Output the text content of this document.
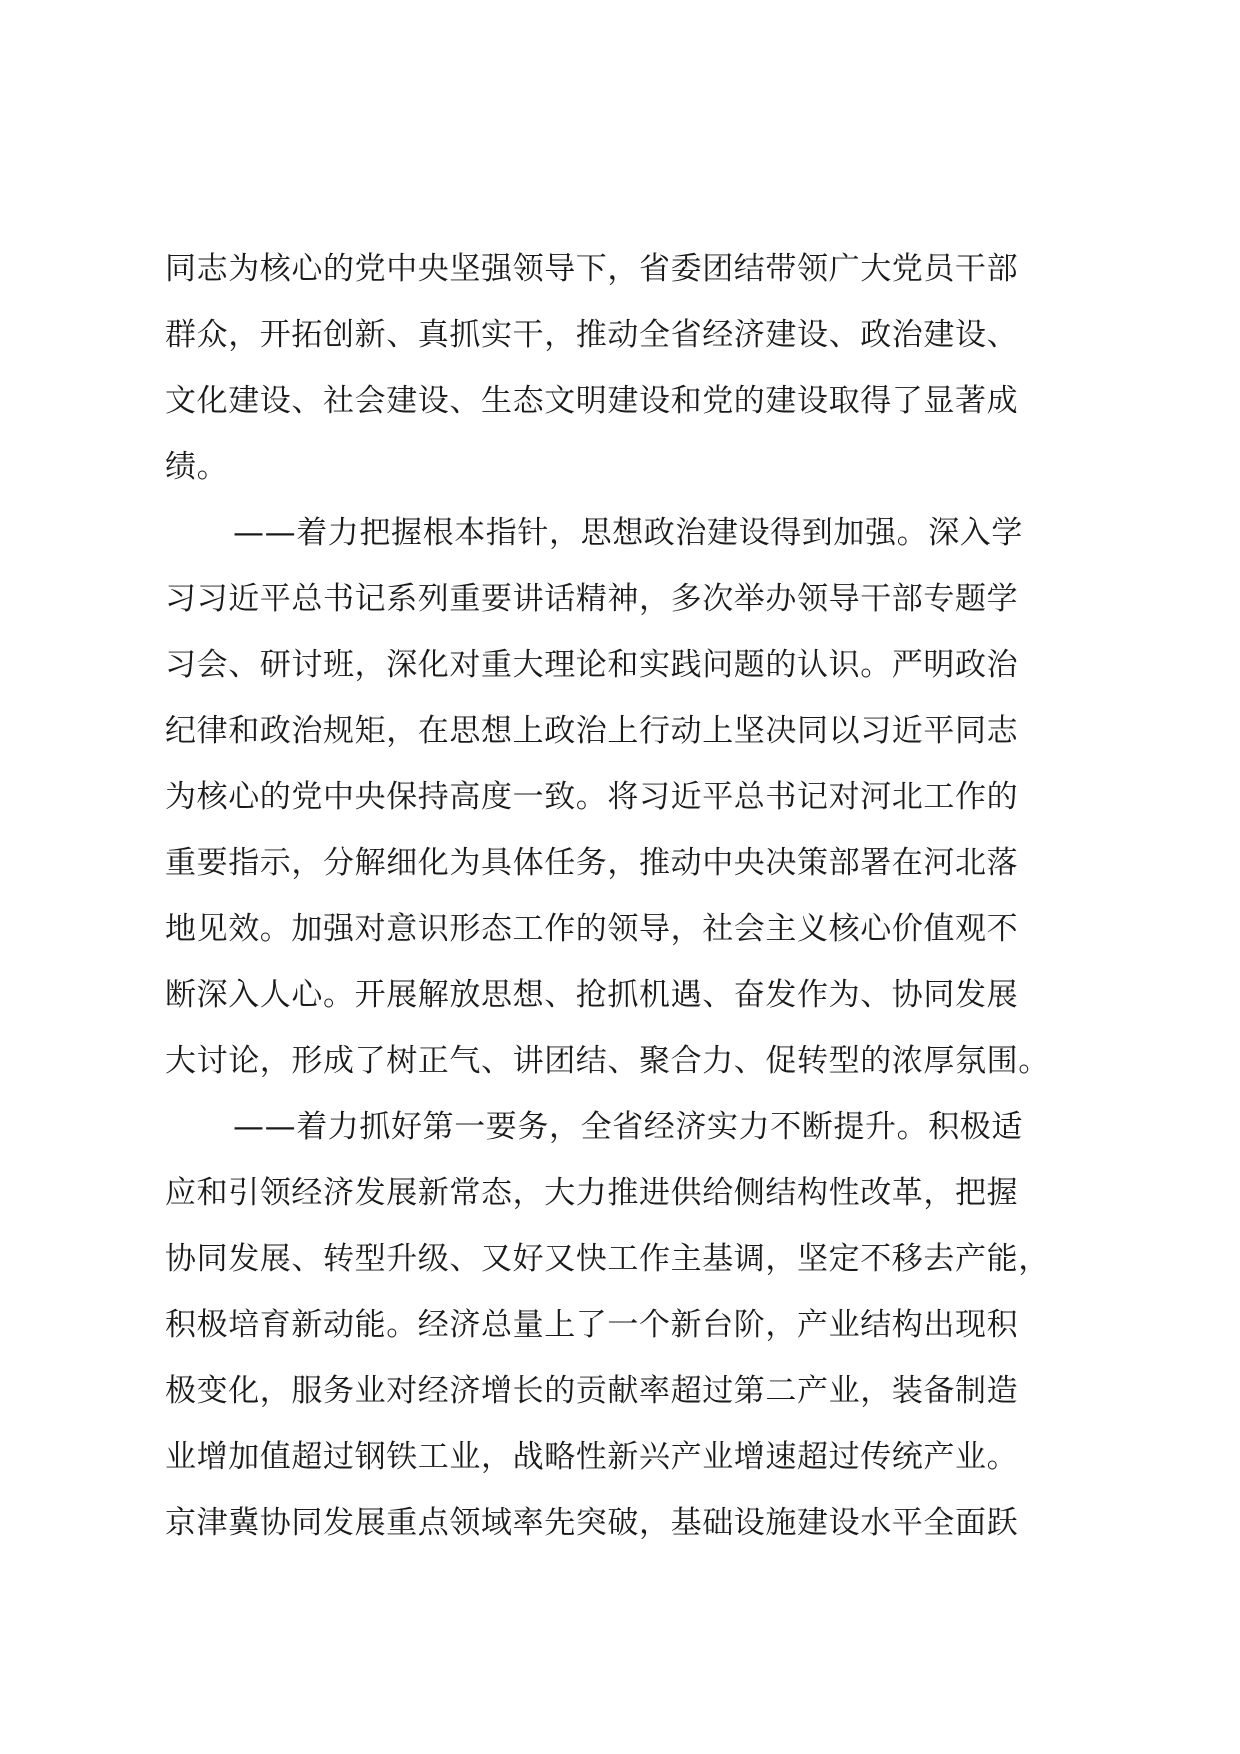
同志为核心的党中央坚强领导下，省委团结带领广大党员干部
群众，开拓创新、真抓实干，推动全省经济建设、政治建设、
文化建设、社会建设、生态文明建设和党的建设取得了显著成
绩。
——着力把握根本指针，思想政治建设得到加强。深入学
习习近平总书记系列重要讲话精神，多次举办领导干部专题学
习会、研讨班，深化对重大理论和实践问题的认识。严明政治
纪律和政治规矩，在思想上政治上行动上坚决同以习近平同志
为核心的党中央保持高度一致。将习近平总书记对河北工作的
重要指示，分解细化为具体任务，推动中央决策部署在河北落
地见效。加强对意识形态工作的领导，社会主义核心价值观不
断深入人心。开展解放思想、抢抓机遇、奋发作为、协同发展
大讨论，形成了树正气、讲团结、聚合力、促转型的浓厚氛围。
——着力抓好第一要务，全省经济实力不断提升。积极适
应和引领经济发展新常态，大力推进供给侧结构性改革，把握
协同发展、转型升级、又好又快工作主基调，坚定不移去产能，
积极培育新动能。经济总量上了一个新台阶，产业结构出现积
极变化，服务业对经济增长的贡献率超过第二产业，装备制造
业增加值超过钢铁工业，战略性新兴产业增速超过传统产业。
京津冀协同发展重点领域率先突破，基础设施建设水平全面跃
